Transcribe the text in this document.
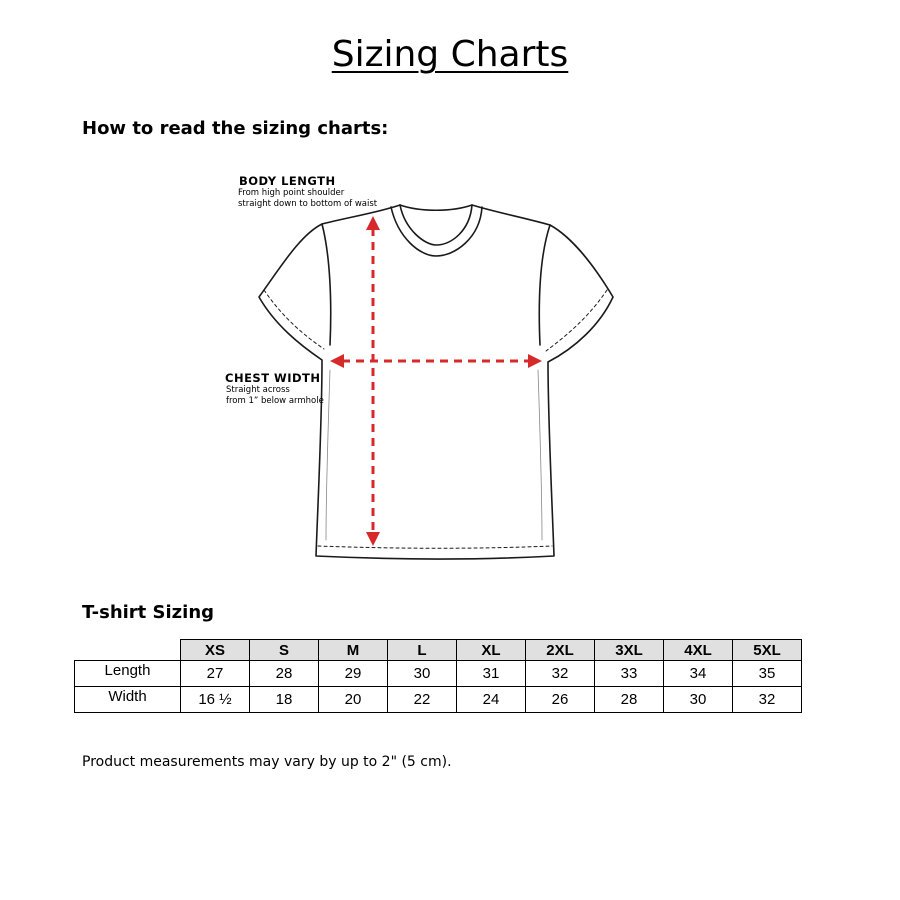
Sizing Charts
How to read the sizing charts:
BODY LENGTH
From high point shoulder
straight down to bottom of waist
CHEST WIDTH
Straight across
from 1” below armhole
T-shirt Sizing
	XS	S	M	L	XL	2XL	3XL	4XL	5XL
Length	27	28	29	30	31	32	33	34	35
Width	16 ½	18	20	22	24	26	28	30	32
Product measurements may vary by up to 2" (5 cm).
